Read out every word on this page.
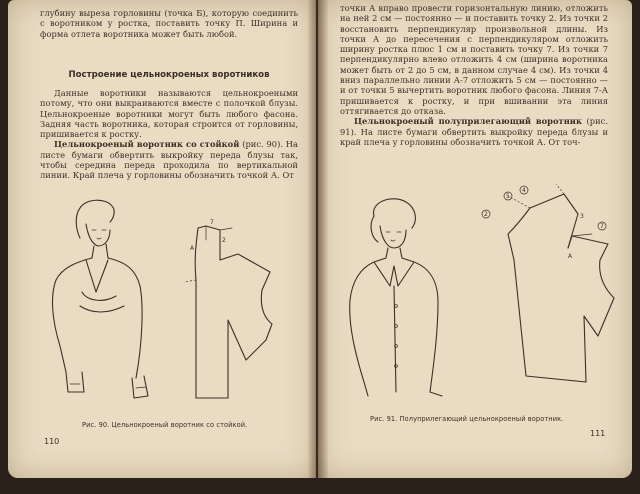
глубину выреза горловины (точка Б), которую соединить с воротником у ростка, поставить точку П. Ширина и форма отлета воротника может быть любой.

Построение цельнокроеных воротников

Данные воротники называются цельнокроеными потому, что они выкраиваются вместе с полочкой блузы. Цельнокроеные воротники могут быть любого фасона. Задняя часть воротника, которая строится от горловины, пришивается к ростку.

Цельнокроеный воротник со стойкой (рис. 90). На листе бумаги обвертить выкройку переда блузы так, чтобы середина переда проходила по вертикальной линии. Край плеча у горловины обозначить точкой А. От

А
2
7
Рис. 90. Цельнокроеный воротник со стойкой.
110

точки А вправо провести горизонтальную линию, отложить на ней 2 см — постоянно — и поставить точку 2. Из точки 2 восстановить перпендикуляр произвольной длины. Из точки А до пересечения с перпендикуляром отложить ширину ростка плюс 1 см и поставить точку 7. Из точки 7 перпендикулярно влево отложить 4 см (ширина воротника может быть от 2 до 5 см, в данном случае 4 см). Из точки 4 вниз параллельно линии А-7 отложить 5 см — постоянно — и от точки 5 вычертить воротник любого фасона. Линия 7-А пришивается к ростку, и при вшивании эта линия оттягивается до отказа.

Цельнокроеный полуприлегающий воротник (рис. 91). На листе бумаги обвертить выкройку переда блузы и край плеча у горловины обозначить точкой А. От точ-

5
4
2
7
3
А
Рис. 91. Полуприлегающий цельнокроеный воротник.
111
